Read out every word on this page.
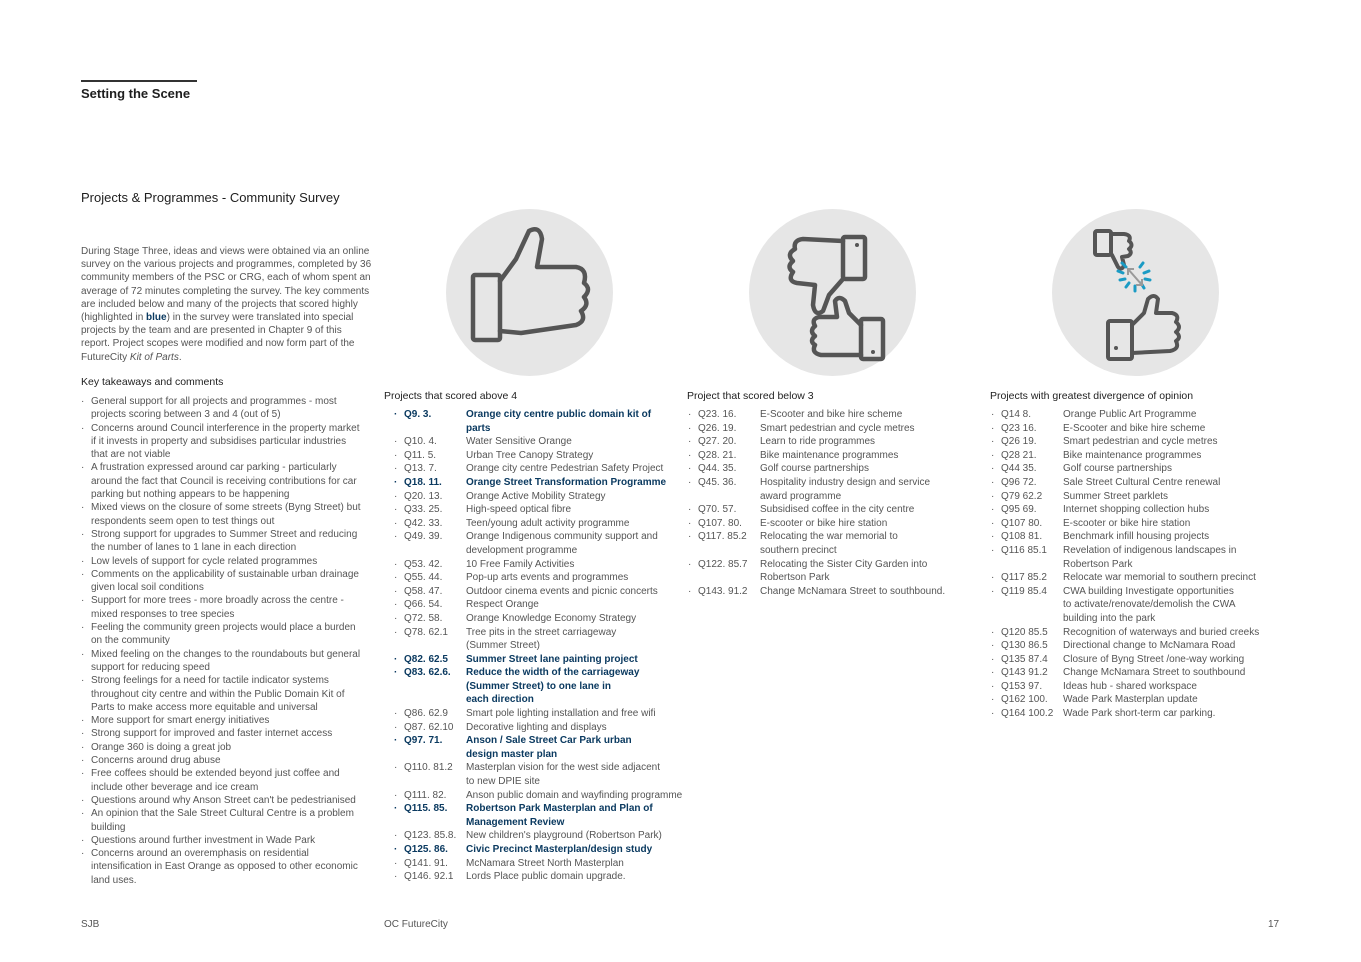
Setting the Scene
Projects & Programmes - Community Survey
During Stage Three, ideas and views were obtained via an online survey on the various projects and programmes, completed by 36 community members of the PSC or CRG, each of whom spent an average of 72 minutes completing the survey. The key comments are included below and many of the projects that scored highly (highlighted in blue) in the survey were translated into special projects by the team and are presented in Chapter 9 of this report. Project scopes were modified and now form part of the FutureCity Kit of Parts.
Key takeaways and comments
· General support for all projects and programmes - most projects scoring between 3 and 4 (out of 5)
· Concerns around Council interference in the property market if it invests in property and subsidises particular industries that are not viable
· A frustration expressed around car parking - particularly around the fact that Council is receiving contributions for car parking but nothing appears to be happening
· Mixed views on the closure of some streets (Byng Street) but respondents seem open to test things out
· Strong support for upgrades to Summer Street and reducing the number of lanes to 1 lane in each direction
· Low levels of support for cycle related programmes
· Comments on the applicability of sustainable urban drainage given local soil conditions
· Support for more trees - more broadly across the centre - mixed responses to tree species
· Feeling the community green projects would place a burden on the community
· Mixed feeling on the changes to the roundabouts but general support for reducing speed
· Strong feelings for a need for tactile indicator systems throughout city centre and within the Public Domain Kit of Parts to make access more equitable and universal
· More support for smart energy initiatives
· Strong support for improved and faster internet access
· Orange 360 is doing a great job
· Concerns around drug abuse
· Free coffees should be extended beyond just coffee and include other beverage and ice cream
· Questions around why Anson Street can't be pedestrianised
· An opinion that the Sale Street Cultural Centre is a problem building
· Questions around further investment in Wade Park
· Concerns around an overemphasis on residential intensification in East Orange as opposed to other economic land uses.
Projects that scored above 4	Project that scored below 3	Projects with greatest divergence of opinion
· Q9. 3.	Orange city centre public domain kit of
parts
· Q10. 4.	Water Sensitive Orange
· Q11. 5.	Urban Tree Canopy Strategy
· Q13. 7.	Orange city centre Pedestrian Safety Project
· Q18. 11. Orange Street Transformation Programme
· Q20. 13. Orange Active Mobility Strategy
· Q33. 25. High-speed optical fibre
· Q42. 33. Teen/young adult activity programme
· Q49. 39. Orange Indigenous community support and
development programme
· Q53. 42. 10 Free Family Activities
· Q55. 44. Pop-up arts events and programmes
· Q58. 47. Outdoor cinema events and picnic concerts
· Q66. 54. Respect Orange
· Q72. 58. Orange Knowledge Economy Strategy
· Q78. 62.1 Tree pits in the street carriageway
(Summer Street)
· Q82. 62.5 Summer Street lane painting project
· Q83. 62.6. Reduce the width of the carriageway
(Summer Street) to one lane in
each direction
· Q86. 62.9 Smart pole lighting installation and free wifi
· Q87. 62.10 Decorative lighting and displays
· Q97. 71. Anson / Sale Street Car Park urban
design master plan
· Q110. 81.2 Masterplan vision for the west side adjacent
to new DPIE site
· Q111. 82. Anson public domain and wayfinding programme
· Q115. 85. Robertson Park Masterplan and Plan of
Management Review
· Q123. 85.8. New children's playground (Robertson Park)
· Q125. 86. Civic Precinct Masterplan/design study
· Q141. 91. McNamara Street North Masterplan
· Q146. 92.1 Lords Place public domain upgrade.
· Q23. 16. E-Scooter and bike hire scheme
· Q26. 19. Smart pedestrian and cycle metres
· Q27. 20. Learn to ride programmes
· Q28. 21. Bike maintenance programmes
· Q44. 35. Golf course partnerships
· Q45. 36. Hospitality industry design and service
award programme
· Q70. 57. Subsidised coffee in the city centre
· Q107. 80. E-scooter or bike hire station
· Q117. 85.2 Relocating the war memorial to
southern precinct
· Q122. 85.7 Relocating the Sister City Garden into
Robertson Park
· Q143. 91.2 Change McNamara Street to southbound.
· Q14 8.	Orange Public Art Programme
· Q23 16.	E-Scooter and bike hire scheme
· Q26 19.	Smart pedestrian and cycle metres
· Q28 21.	Bike maintenance programmes
· Q44 35.	Golf course partnerships
· Q96 72.	Sale Street Cultural Centre renewal
· Q79 62.2 Summer Street parklets
· Q95 69.	Internet shopping collection hubs
· Q107 80. E-scooter or bike hire station
· Q108 81. Benchmark infill housing projects
· Q116 85.1 Revelation of indigenous landscapes in
Robertson Park
· Q117 85.2 Relocate war memorial to southern precinct
· Q119 85.4 CWA building Investigate opportunities
to activate/renovate/demolish the CWA
building into the park
· Q120 85.5 Recognition of waterways and buried creeks
· Q130 86.5 Directional change to McNamara Road
· Q135 87.4 Closure of Byng Street /one-way working
· Q143 91.2 Change McNamara Street to southbound
· Q153 97. Ideas hub - shared workspace
· Q162 100. Wade Park Masterplan update
· Q164 100.2 Wade Park short-term car parking.
SJB	OC FutureCity	17
